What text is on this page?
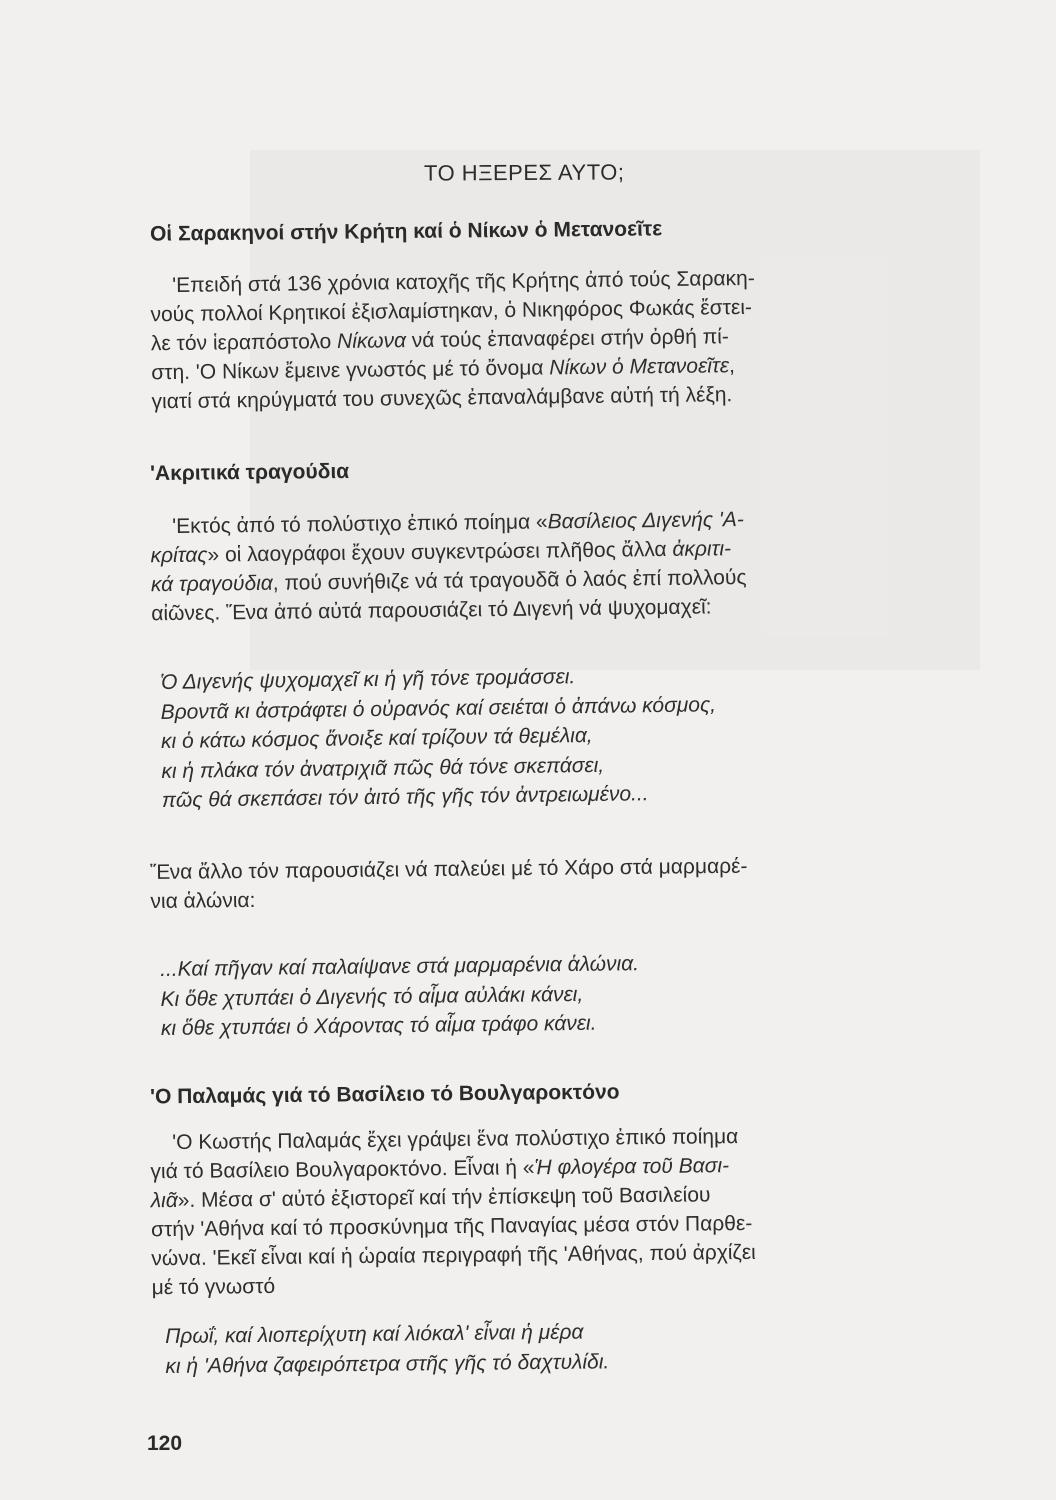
ΤΟ ΗΞΕΡΕΣ ΑΥΤΟ;
Οἱ Σαρακηνοί στήν Κρήτη καί ὁ Νίκων ὁ Μετανοεῖτε
'Επειδή στά 136 χρόνια κατοχῆς τῆς Κρήτης ἀπό τούς Σαρακη-
νούς πολλοί Κρητικοί ἐξισλαμίστηκαν, ὁ Νικηφόρος Φωκάς ἔστει-
λε τόν ἱεραπόστολο Νίκωνα νά τούς ἐπαναφέρει στήν ὀρθή πί-
στη. 'Ο Νίκων ἔμεινε γνωστός μέ τό ὄνομα Νίκων ὁ Μετανοεῖτε,
γιατί στά κηρύγματά του συνεχῶς ἐπαναλάμβανε αὐτή τή λέξη.
'Ακριτικά τραγούδια
'Εκτός ἀπό τό πολύστιχο ἐπικό ποίημα «Βασίλειος Διγενής 'Α-
κρίτας» οἱ λαογράφοι ἔχουν συγκεντρώσει πλῆθος ἄλλα ἀκριτι-
κά τραγούδια, πού συνήθιζε νά τά τραγουδᾶ ὁ λαός ἐπί πολλούς
αἰῶνες. Ἕνα ἀπό αὐτά παρουσιάζει τό Διγενή νά ψυχομαχεῖ:
Ὁ Διγενής ψυχομαχεῖ κι ἡ γῆ τόνε τρομάσσει.
Βροντᾶ κι ἀστράφτει ὁ οὐρανός καί σειέται ὁ ἀπάνω κόσμος,
κι ὁ κάτω κόσμος ἄνοιξε καί τρίζουν τά θεμέλια,
κι ἡ πλάκα τόν ἀνατριχιᾶ πῶς θά τόνε σκεπάσει,
πῶς θά σκεπάσει τόν ἀιτό τῆς γῆς τόν ἀντρειωμένο...
Ἕνα ἄλλο τόν παρουσιάζει νά παλεύει μέ τό Χάρο στά μαρμαρέ-
νια ἁλώνια:
...Καί πῆγαν καί παλαίψανε στά μαρμαρένια ἁλώνια.
Κι ὅθε χτυπάει ὁ Διγενής τό αἷμα αὐλάκι κάνει,
κι ὅθε χτυπάει ὁ Χάροντας τό αἷμα τράφο κάνει.
'Ο Παλαμάς γιά τό Βασίλειο τό Βουλγαροκτόνο
'Ο Κωστής Παλαμάς ἔχει γράψει ἕνα πολύστιχο ἐπικό ποίημα
γιά τό Βασίλειο Βουλγαροκτόνο. Εἶναι ἡ «Ἡ φλογέρα τοῦ Βασι-
λιᾶ». Μέσα σ' αὐτό ἐξιστορεῖ καί τήν ἐπίσκεψη τοῦ Βασιλείου
στήν 'Αθήνα καί τό προσκύνημα τῆς Παναγίας μέσα στόν Παρθε-
νώνα. 'Εκεῖ εἶναι καί ἡ ὡραία περιγραφή τῆς 'Αθήνας, πού ἀρχίζει
μέ τό γνωστό
Πρωΐ, καί λιοπερίχυτη καί λιόκαλ' εἶναι ἡ μέρα
κι ἡ 'Αθήνα ζαφειρόπετρα στῆς γῆς τό δαχτυλίδι.
120
